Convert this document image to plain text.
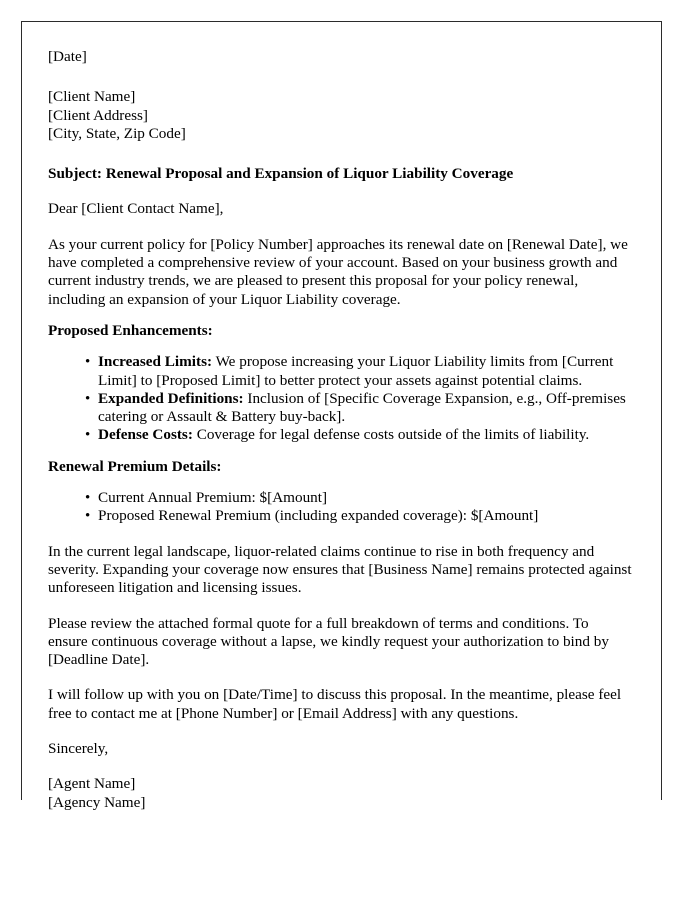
[Date]
[Client Name]
[Client Address]
[City, State, Zip Code]
Subject: Renewal Proposal and Expansion of Liquor Liability Coverage
Dear [Client Contact Name],
As your current policy for [Policy Number] approaches its renewal date on [Renewal Date], we have completed a comprehensive review of your account. Based on your business growth and current industry trends, we are pleased to present this proposal for your policy renewal, including an expansion of your Liquor Liability coverage.
Proposed Enhancements:
• Increased Limits: We propose increasing your Liquor Liability limits from [Current Limit] to [Proposed Limit] to better protect your assets against potential claims.
• Expanded Definitions: Inclusion of [Specific Coverage Expansion, e.g., Off-premises catering or Assault & Battery buy-back].
• Defense Costs: Coverage for legal defense costs outside of the limits of liability.
Renewal Premium Details:
• Current Annual Premium: $[Amount]
• Proposed Renewal Premium (including expanded coverage): $[Amount]
In the current legal landscape, liquor-related claims continue to rise in both frequency and severity. Expanding your coverage now ensures that [Business Name] remains protected against unforeseen litigation and licensing issues.
Please review the attached formal quote for a full breakdown of terms and conditions. To ensure continuous coverage without a lapse, we kindly request your authorization to bind by [Deadline Date].
I will follow up with you on [Date/Time] to discuss this proposal. In the meantime, please feel free to contact me at [Phone Number] or [Email Address] with any questions.
Sincerely,
[Agent Name]
[Agency Name]
